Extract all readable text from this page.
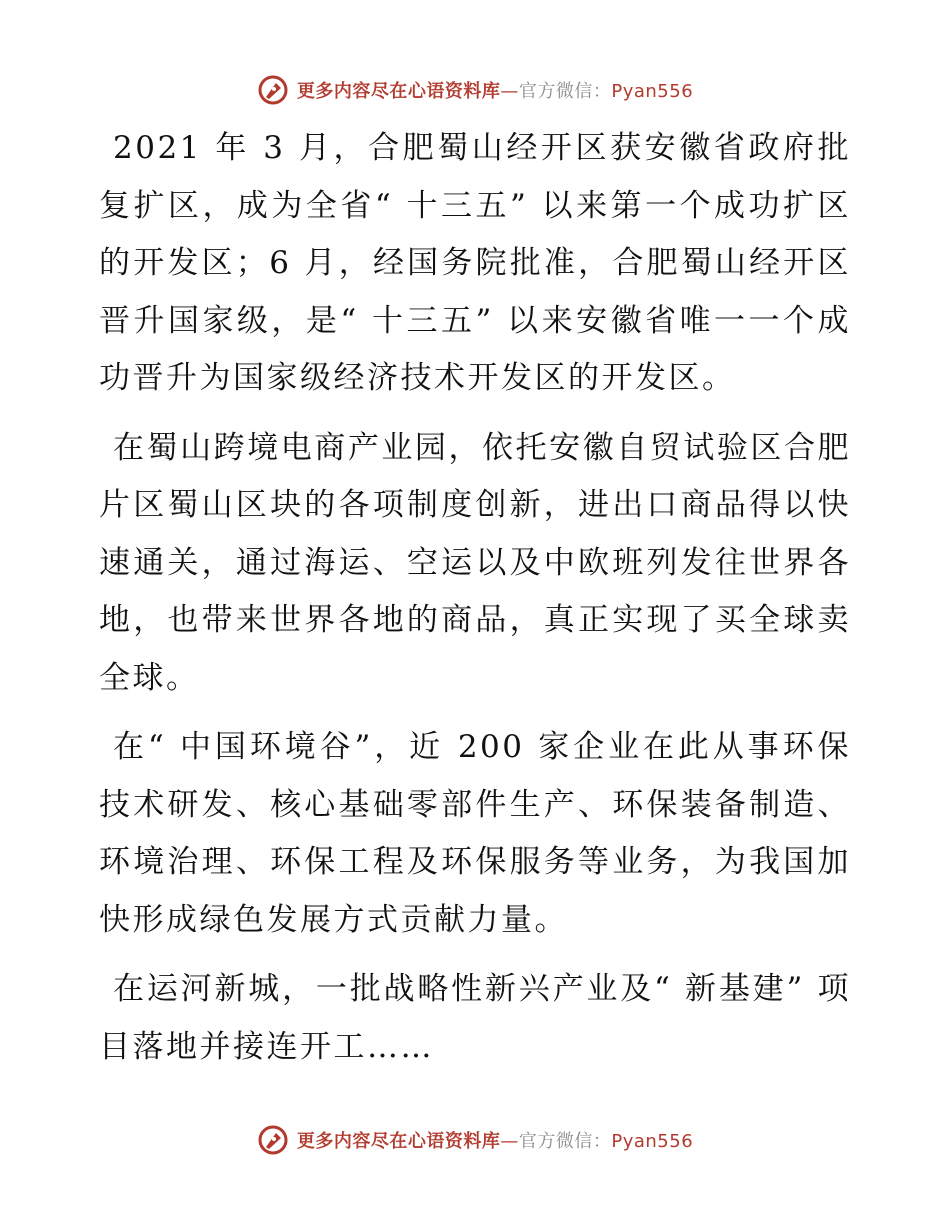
更多内容尽在心语资料库—官方微信：Pyan556

2021 年 3 月，合肥蜀山经开区获安徽省政府批复扩区，成为全省“ 十三五” 以来第一个成功扩区的开发区；6 月，经国务院批准，合肥蜀山经开区晋升国家级，是“ 十三五” 以来安徽省唯一一个成功晋升为国家级经济技术开发区的开发区。

在蜀山跨境电商产业园，依托安徽自贸试验区合肥片区蜀山区块的各项制度创新，进出口商品得以快速通关，通过海运、空运以及中欧班列发往世界各地，也带来世界各地的商品，真正实现了买全球卖全球。

在“ 中国环境谷”，近 200 家企业在此从事环保技术研发、核心基础零部件生产、环保装备制造、环境治理、环保工程及环保服务等业务，为我国加快形成绿色发展方式贡献力量。

在运河新城，一批战略性新兴产业及“ 新基建” 项目落地并接连开工……

更多内容尽在心语资料库—官方微信：Pyan556
